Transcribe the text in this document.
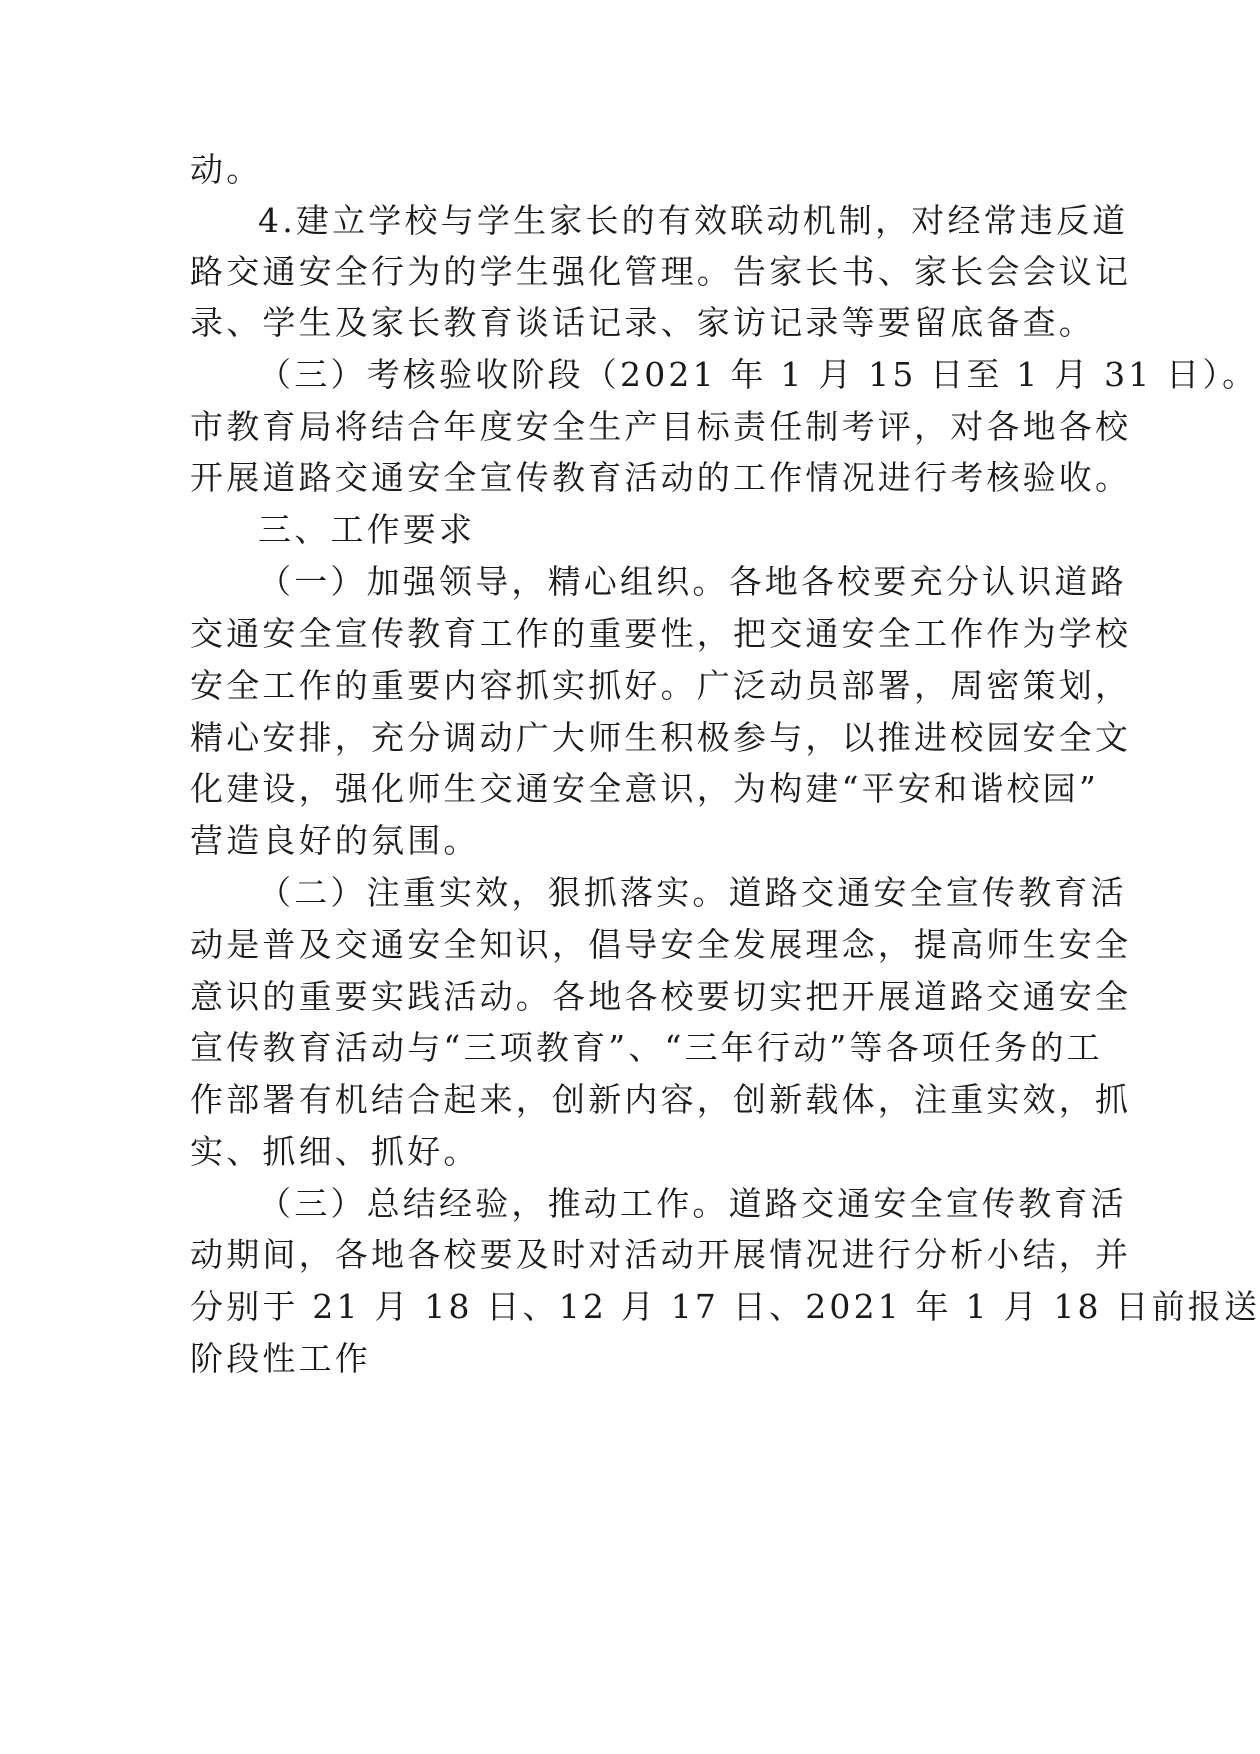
动。
4.建立学校与学生家长的有效联动机制，对经常违反道
路交通安全行为的学生强化管理。告家长书、家长会会议记
录、学生及家长教育谈话记录、家访记录等要留底备查。
（三）考核验收阶段（2021 年 1 月 15 日至 1 月 31 日）。
市教育局将结合年度安全生产目标责任制考评，对各地各校
开展道路交通安全宣传教育活动的工作情况进行考核验收。
三、工作要求
（一）加强领导，精心组织。各地各校要充分认识道路
交通安全宣传教育工作的重要性，把交通安全工作作为学校
安全工作的重要内容抓实抓好。广泛动员部署，周密策划，
精心安排，充分调动广大师生积极参与，以推进校园安全文
化建设，强化师生交通安全意识，为构建“平安和谐校园”
营造良好的氛围。
（二）注重实效，狠抓落实。道路交通安全宣传教育活
动是普及交通安全知识，倡导安全发展理念，提高师生安全
意识的重要实践活动。各地各校要切实把开展道路交通安全
宣传教育活动与“三项教育”、“三年行动”等各项任务的工
作部署有机结合起来，创新内容，创新载体，注重实效，抓
实、抓细、抓好。
（三）总结经验，推动工作。道路交通安全宣传教育活
动期间，各地各校要及时对活动开展情况进行分析小结，并
分别于 21 月 18 日、12 月 17 日、2021 年 1 月 18 日前报送
阶段性工作
